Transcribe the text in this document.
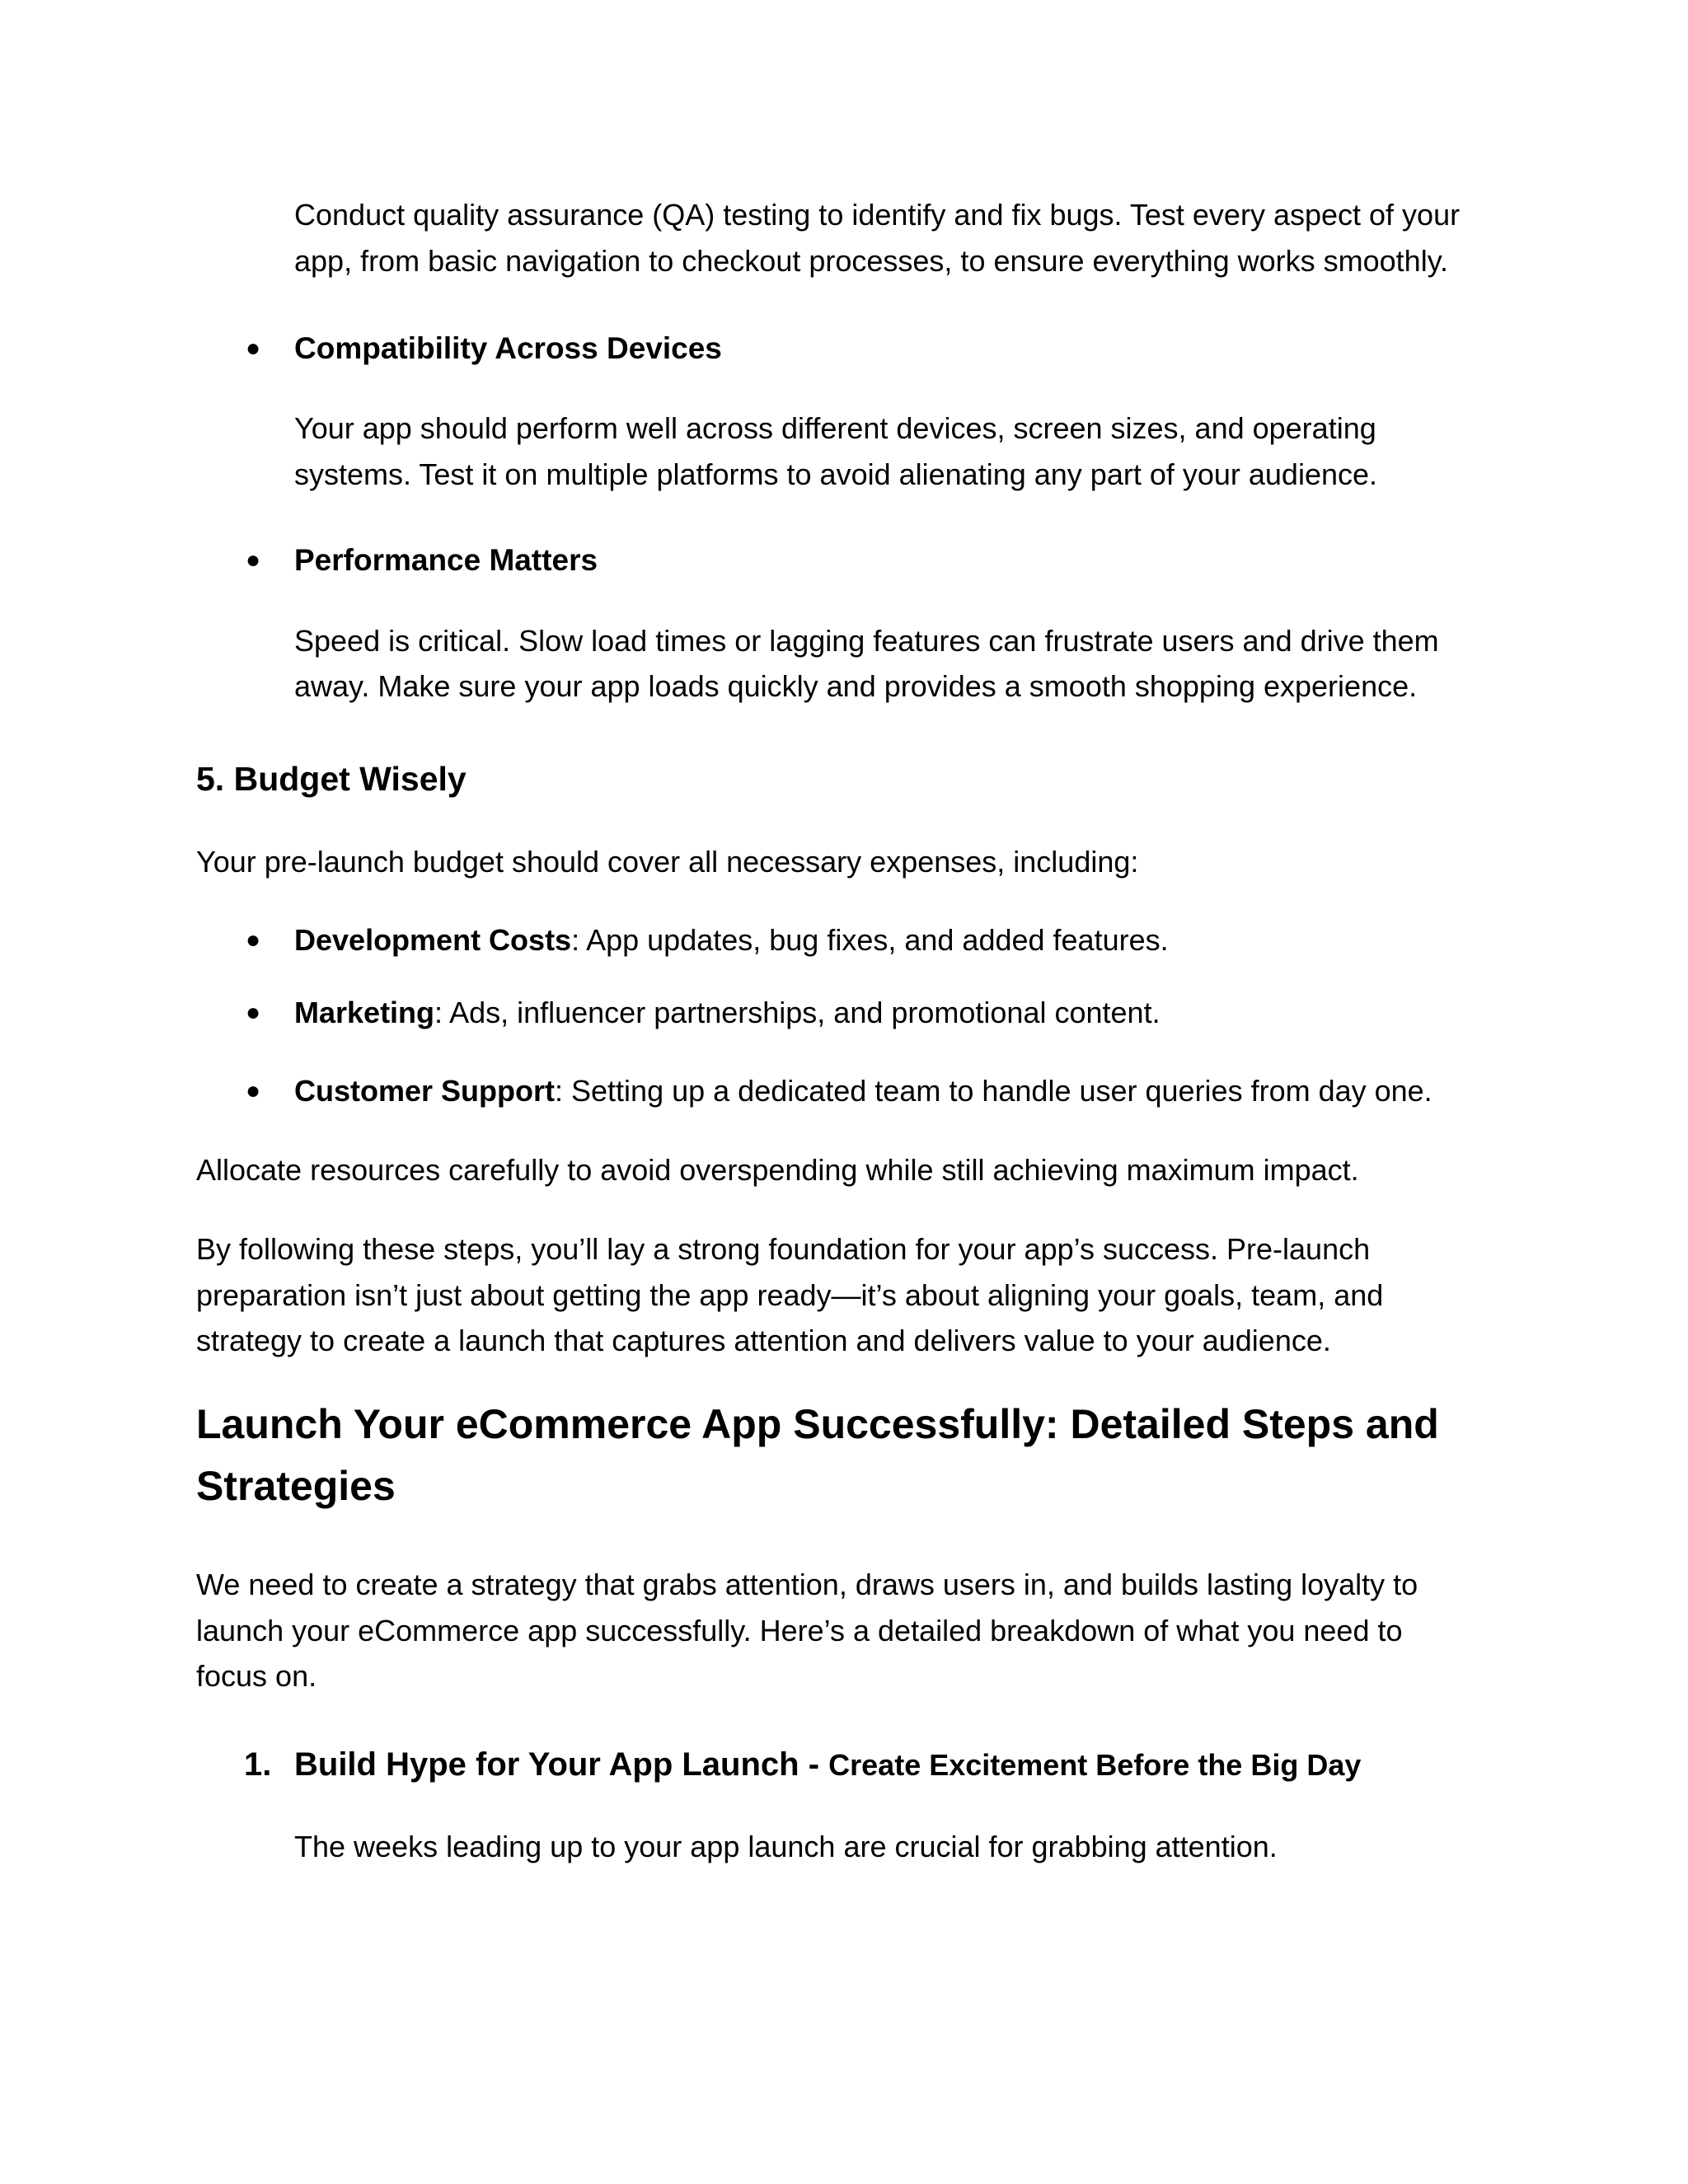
Conduct quality assurance (QA) testing to identify and fix bugs. Test every aspect of your

app, from basic navigation to checkout processes, to ensure everything works smoothly.

● Compatibility Across Devices

Your app should perform well across different devices, screen sizes, and operating

systems. Test it on multiple platforms to avoid alienating any part of your audience.

● Performance Matters

Speed is critical. Slow load times or lagging features can frustrate users and drive them

away. Make sure your app loads quickly and provides a smooth shopping experience.

5. Budget Wisely

Your pre-launch budget should cover all necessary expenses, including:

● Development Costs: App updates, bug fixes, and added features.

● Marketing: Ads, influencer partnerships, and promotional content.

● Customer Support: Setting up a dedicated team to handle user queries from day one.

Allocate resources carefully to avoid overspending while still achieving maximum impact.

By following these steps, you’ll lay a strong foundation for your app’s success. Pre-launch

preparation isn’t just about getting the app ready—it’s about aligning your goals, team, and

strategy to create a launch that captures attention and delivers value to your audience.

Launch Your eCommerce App Successfully: Detailed Steps and

Strategies

We need to create a strategy that grabs attention, draws users in, and builds lasting loyalty to

launch your eCommerce app successfully. Here’s a detailed breakdown of what you need to

focus on.

1. Build Hype for Your App Launch - Create Excitement Before the Big Day

The weeks leading up to your app launch are crucial for grabbing attention.
